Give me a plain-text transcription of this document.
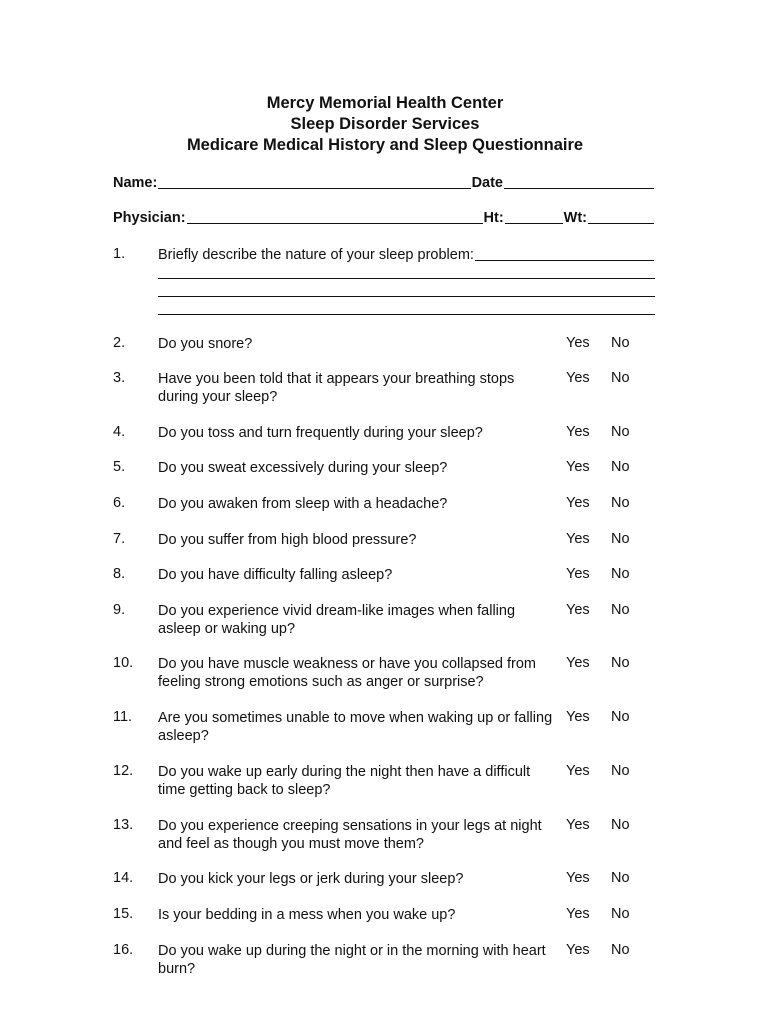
Mercy Memorial Health Center
Sleep Disorder Services
Medicare Medical History and Sleep Questionnaire
Name:	Date
Physician:	Ht:	Wt:
1. Briefly describe the nature of your sleep problem:
2. Do you snore?	Yes No
3. Have you been told that it appears your breathing stops during your sleep?
Yes No
4. Do you toss and turn frequently during your sleep?	Yes No
5. Do you sweat excessively during your sleep?	Yes No
6. Do you awaken from sleep with a headache?	Yes No
7. Do you suffer from high blood pressure?	Yes No
8. Do you have difficulty falling asleep?	Yes No
9. Do you experience vivid dream-like images when falling asleep or waking up?
Yes No
10. Do you have muscle weakness or have you collapsed from feeling strong emotions such as anger or surprise?
Yes No
11. Are you sometimes unable to move when waking up or falling asleep?
Yes No
12. Do you wake up early during the night then have a difficult time getting back to sleep?
Yes No
13. Do you experience creeping sensations in your legs at night and feel as though you must move them?
Yes No
14. Do you kick your legs or jerk during your sleep?	Yes No
15. Is your bedding in a mess when you wake up?	Yes No
16. Do you wake up during the night or in the morning with heart burn?
Yes No
